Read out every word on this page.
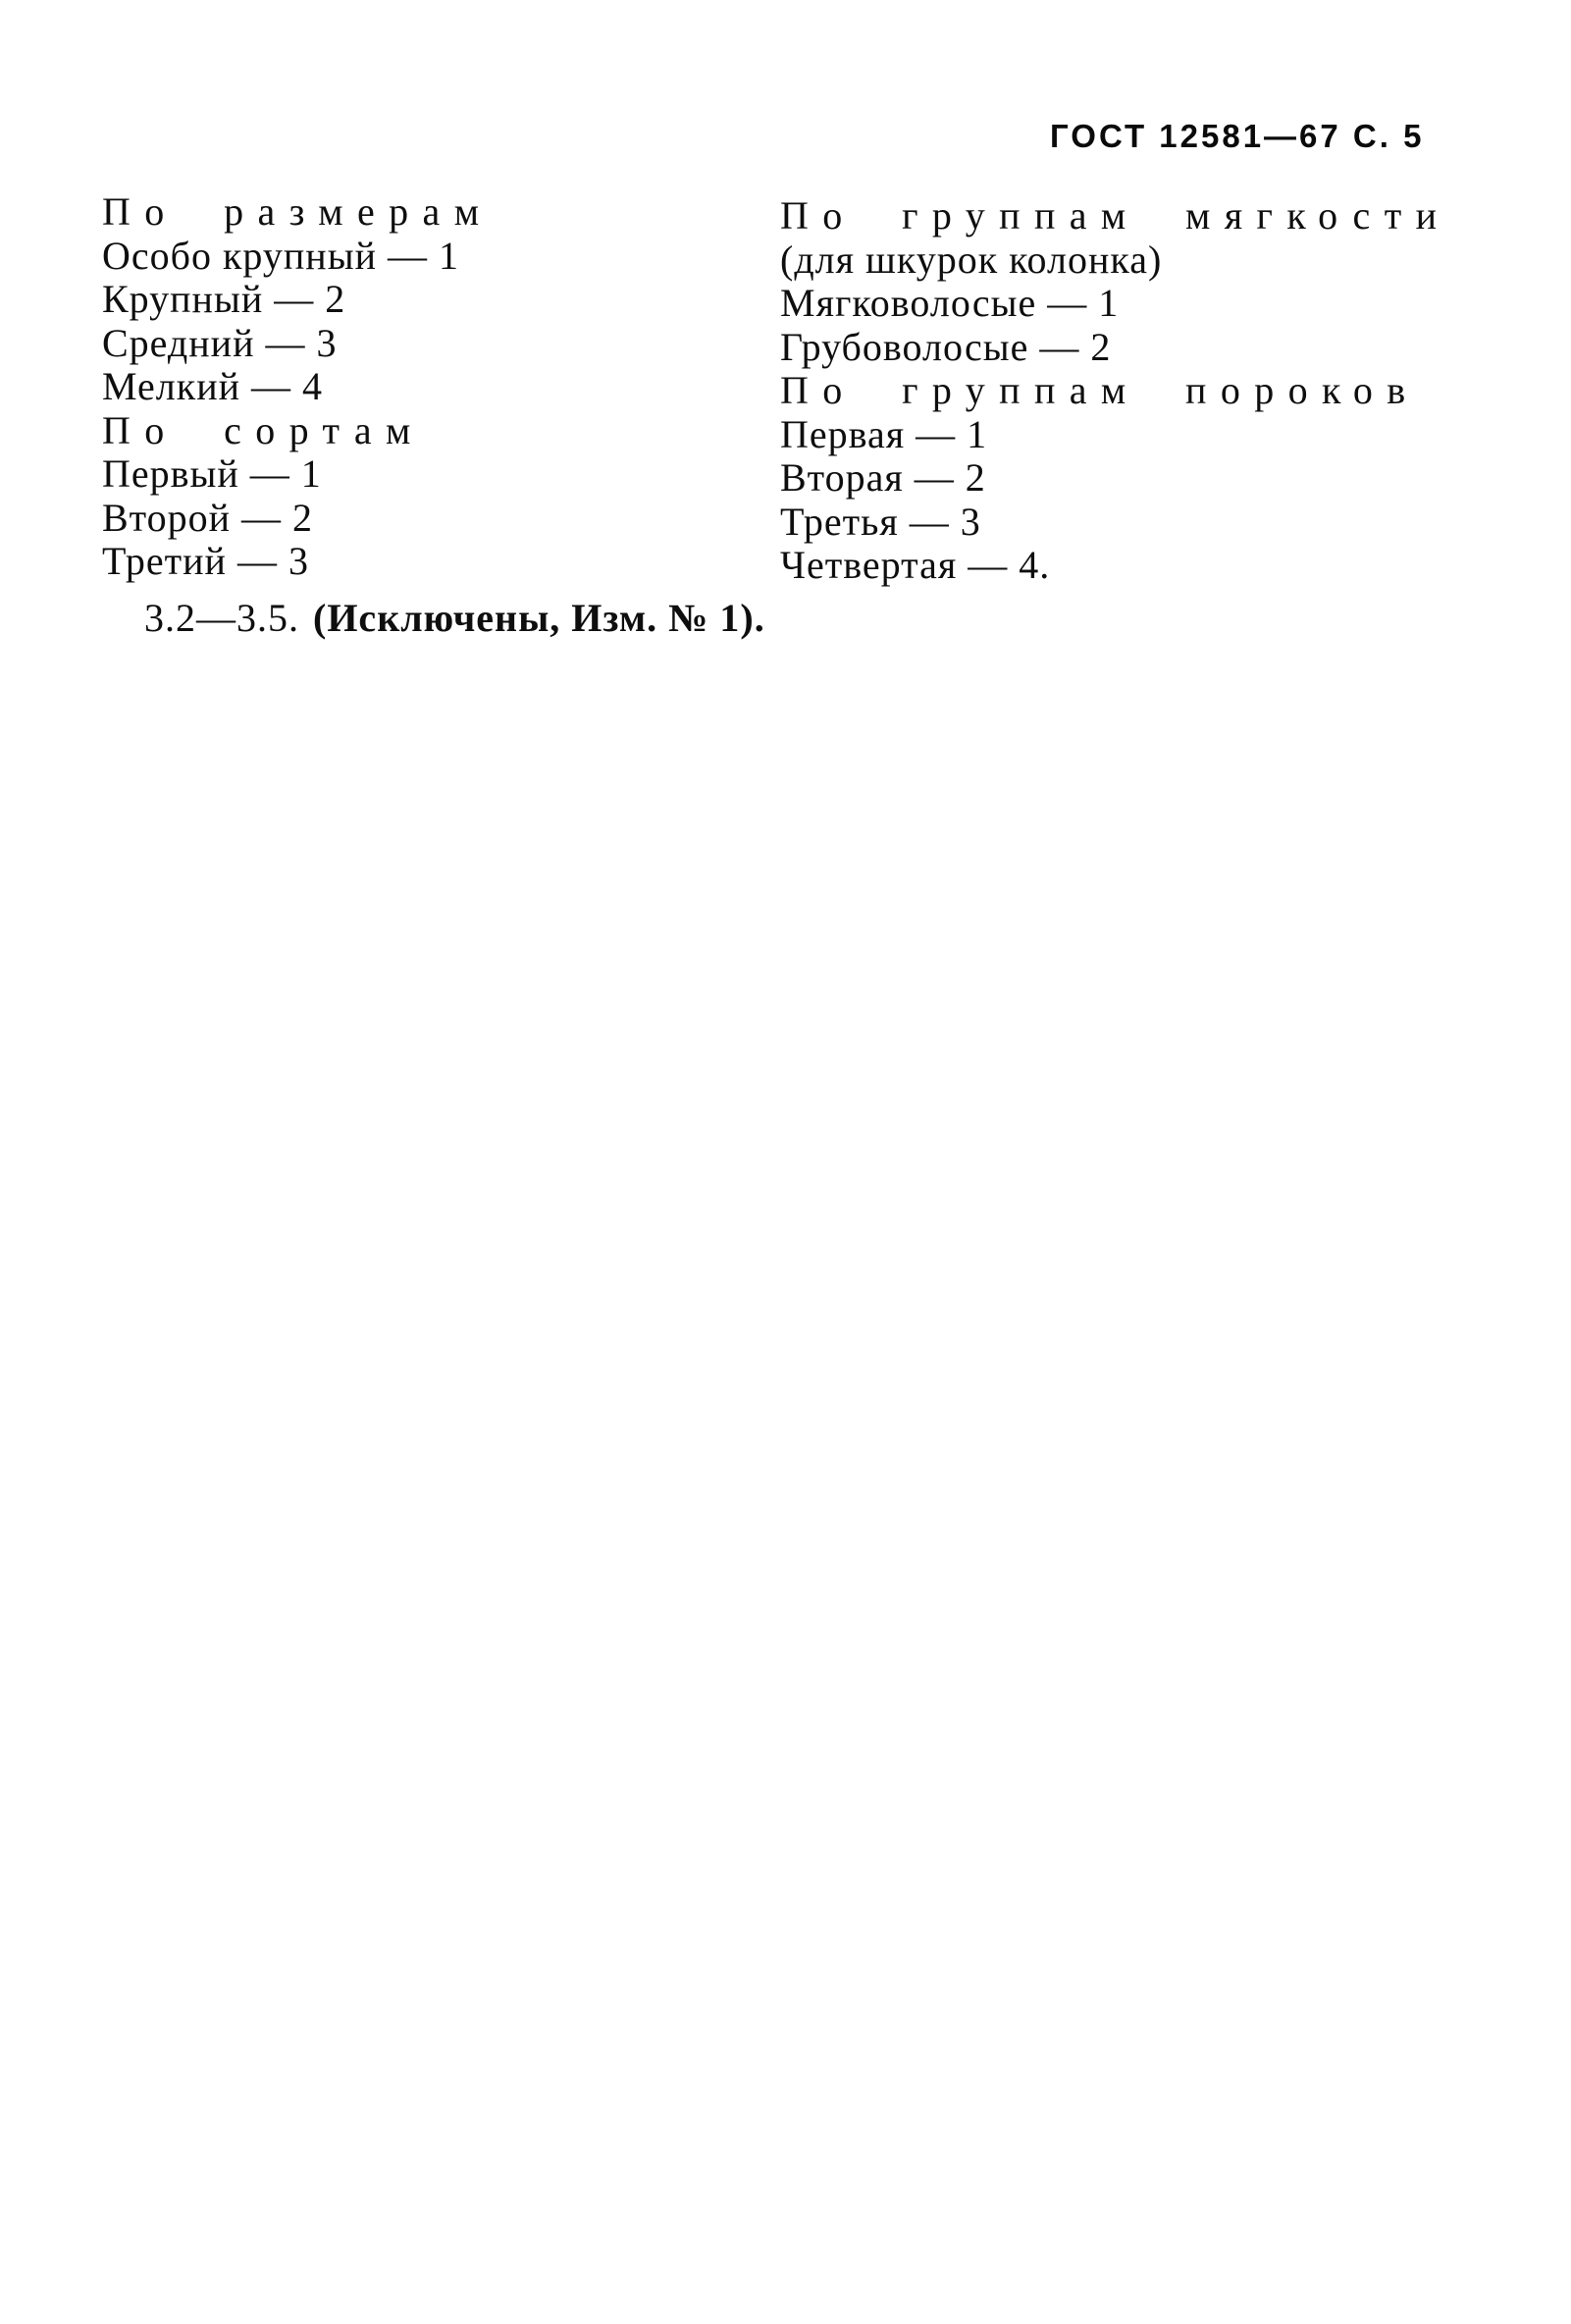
ГОСТ 12581—67 С. 5
По размерам
Особо крупный — 1
Крупный — 2
Средний — 3
Мелкий — 4
По сортам
Первый — 1
Второй — 2
Третий — 3
По группам мягкости
(для шкурок колонка)
Мягковолосые — 1
Грубоволосые — 2
По группам пороков
Первая — 1
Вторая — 2
Третья — 3
Четвертая — 4.
3.2—3.5. (Исключены, Изм. № 1).
